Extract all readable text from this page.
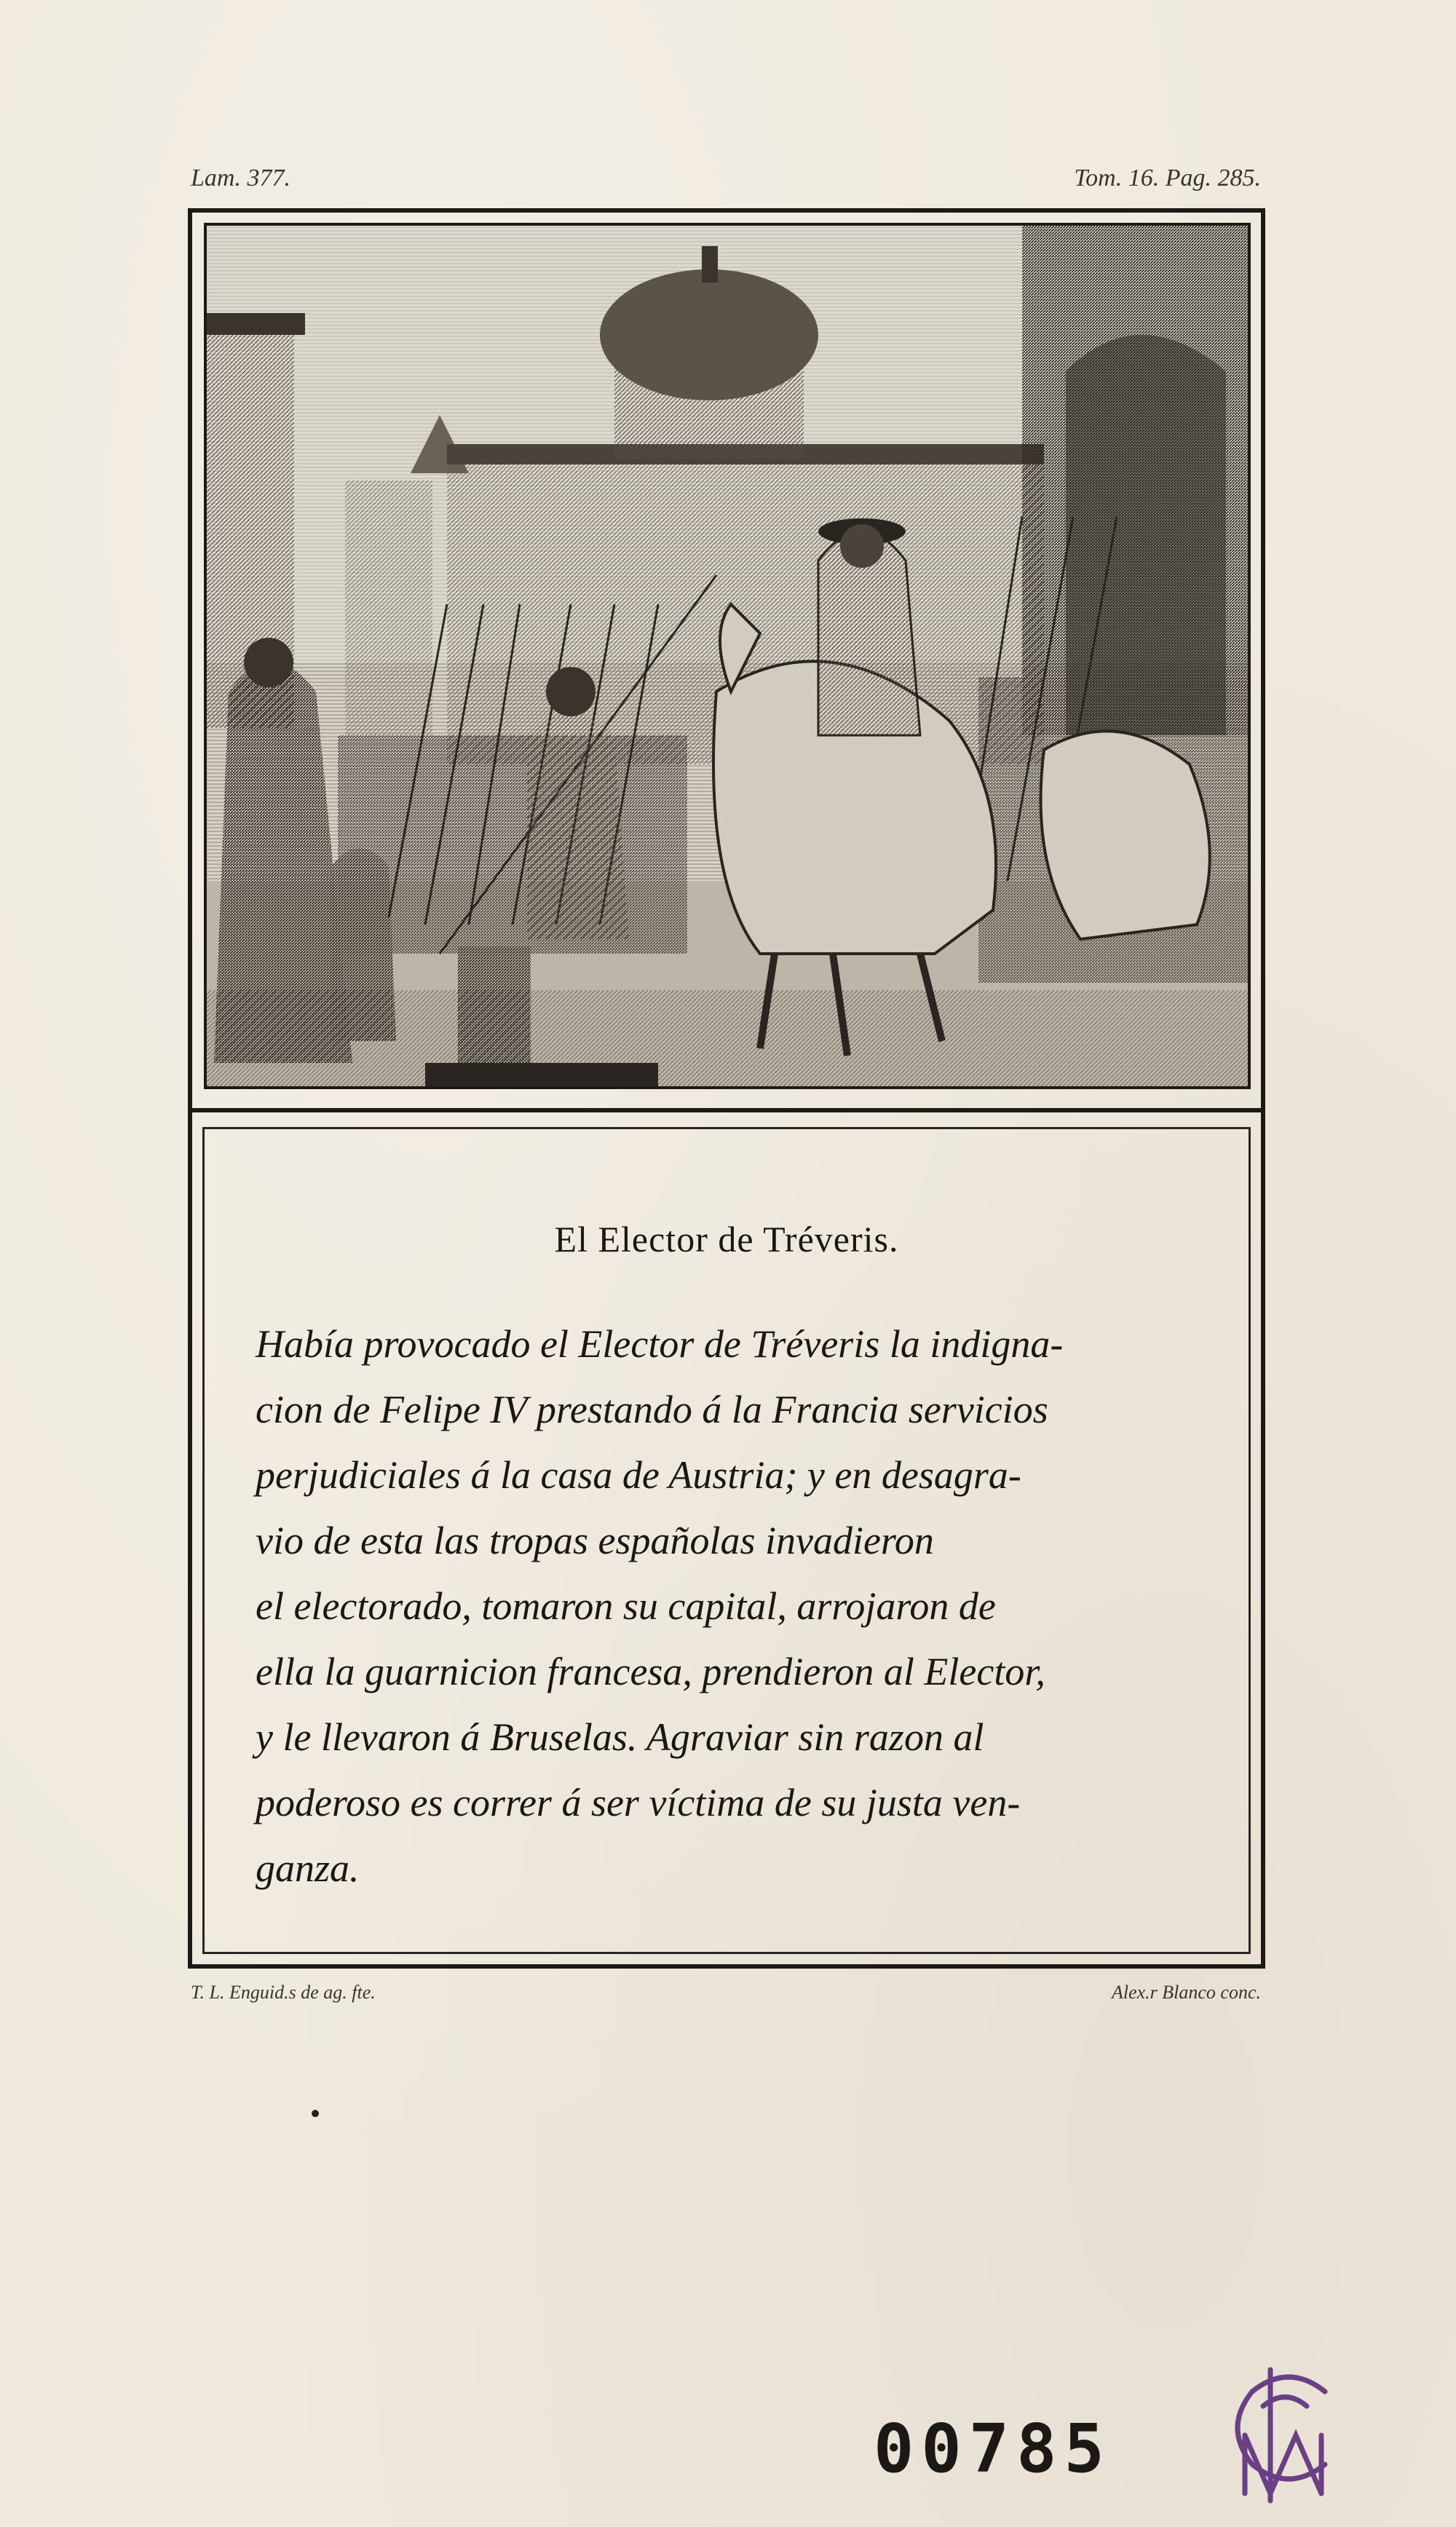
Lam. 377.	Tom. 16. Pag. 285.
El Elector de Tréveris.
Había provocado el Elector de Tréveris la indigna-
cion de Felipe IV prestando á la Francia servicios
perjudiciales á la casa de Austria; y en desagra-
vio de esta las tropas españolas invadieron
el electorado, tomaron su capital, arrojaron de
ella la guarnicion francesa, prendieron al Elector,
y le llevaron á Bruselas. Agraviar sin razon al
poderoso es correr á ser víctima de su justa ven-
ganza.
T. L. Enguid.s de ag. fte.	Alex.r Blanco conc.
00785
